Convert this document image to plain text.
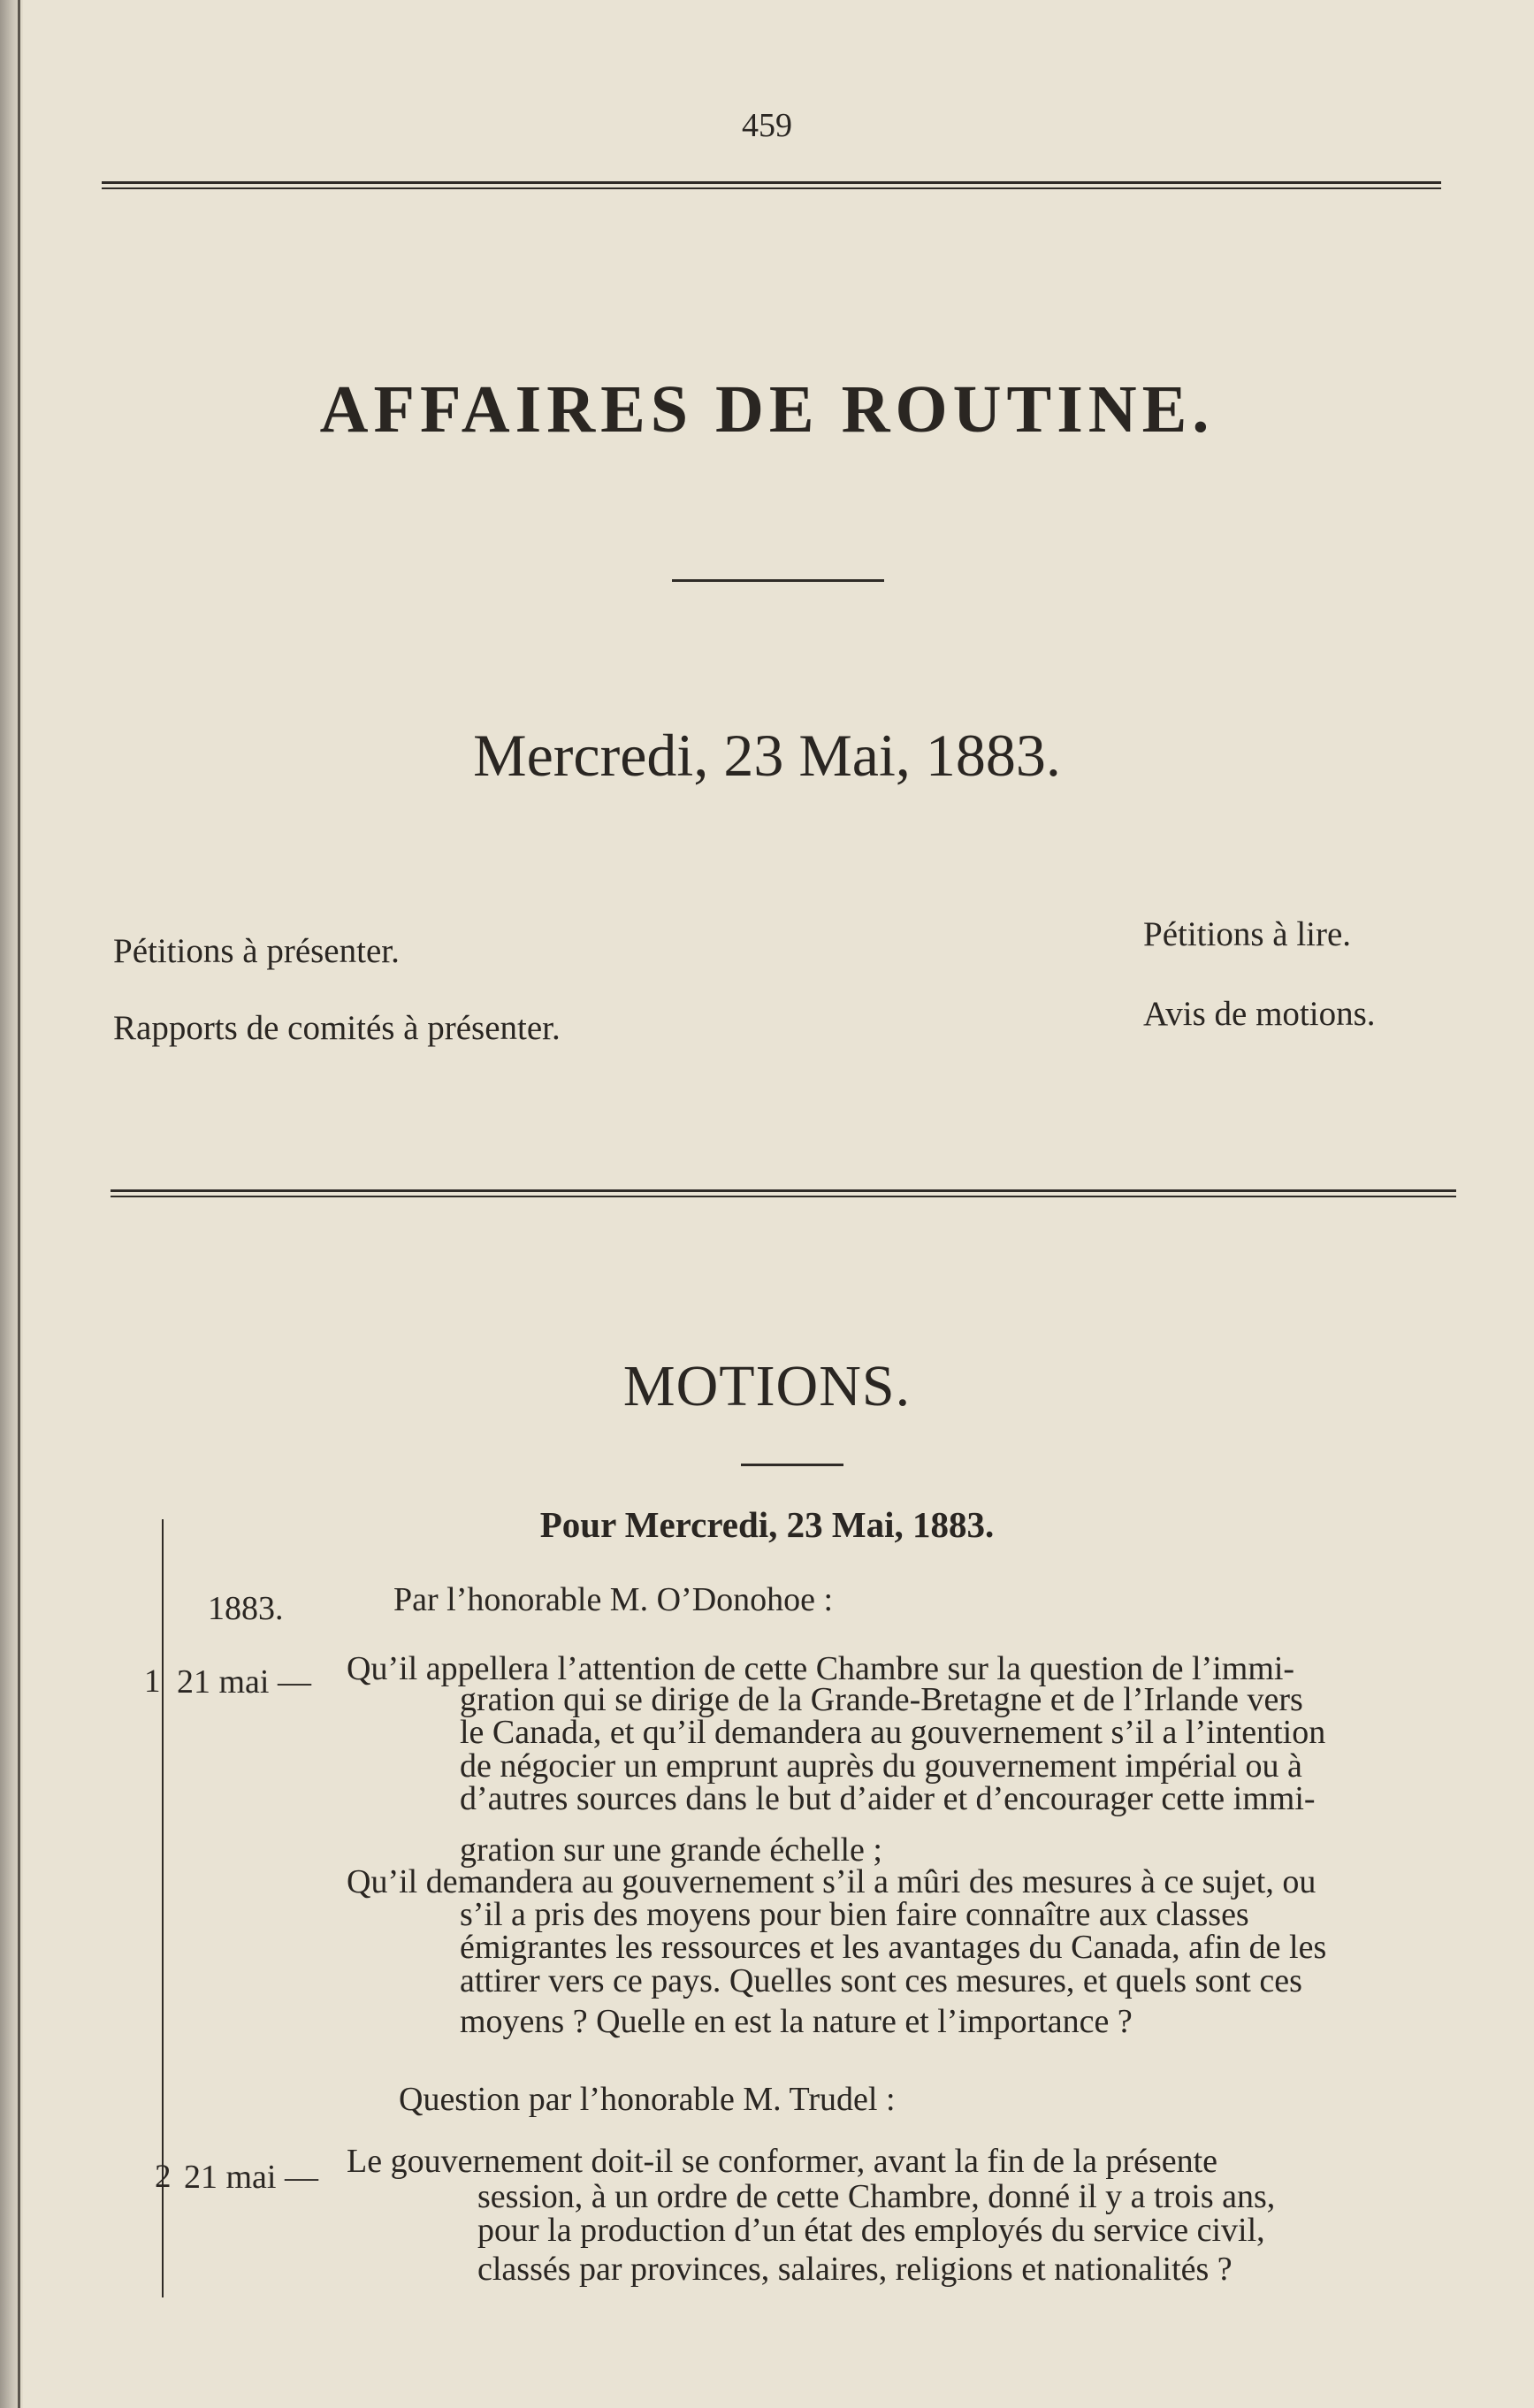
459
AFFAIRES DE ROUTINE.
Mercredi, 23 Mai, 1883.
Pétitions à présenter.
Rapports de comités à présenter.
Pétitions à lire.
Avis de motions.
MOTIONS.
Pour Mercredi, 23 Mai, 1883.
1883.	Par l’honorable M. O’Donohoe :
1 21 mai — Qu’il appellera l’attention de cette Chambre sur la question de l’immi-
gration qui se dirige de la Grande-Bretagne et de l’Irlande vers
le Canada, et qu’il demandera au gouvernement s’il a l’intention
de négocier un emprunt auprès du gouvernement impérial ou à
d’autres sources dans le but d’aider et d’encourager cette immi-
gration sur une grande échelle ;
Qu’il demandera au gouvernement s’il a mûri des mesures à ce sujet, ou
s’il a pris des moyens pour bien faire connaître aux classes
émigrantes les ressources et les avantages du Canada, afin de les
attirer vers ce pays. Quelles sont ces mesures, et quels sont ces
moyens ? Quelle en est la nature et l’importance ?
Question par l’honorable M. Trudel :
2 21 mai — Le gouvernement doit-il se conformer, avant la fin de la présente
session, à un ordre de cette Chambre, donné il y a trois ans,
pour la production d’un état des employés du service civil,
classés par provinces, salaires, religions et nationalités ?
